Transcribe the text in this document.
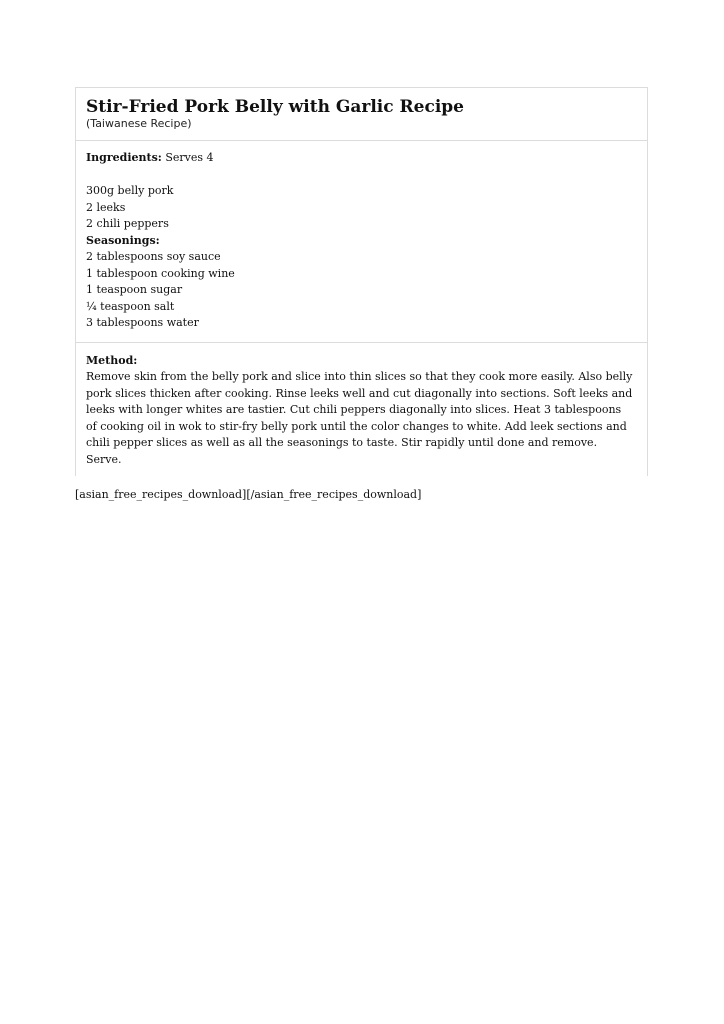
Stir-Fried Pork Belly with Garlic Recipe
(Taiwanese Recipe)
Ingredients: Serves 4
300g belly pork
2 leeks
2 chili peppers
Seasonings:
2 tablespoons soy sauce
1 tablespoon cooking wine
1 teaspoon sugar
¼ teaspoon salt
3 tablespoons water
Method:
Remove skin from the belly pork and slice into thin slices so that they cook more easily. Also belly
pork slices thicken after cooking. Rinse leeks well and cut diagonally into sections. Soft leeks and
leeks with longer whites are tastier. Cut chili peppers diagonally into slices. Heat 3 tablespoons
of cooking oil in wok to stir-fry belly pork until the color changes to white. Add leek sections and
chili pepper slices as well as all the seasonings to taste. Stir rapidly until done and remove.
Serve.
[asian_free_recipes_download][/asian_free_recipes_download]
